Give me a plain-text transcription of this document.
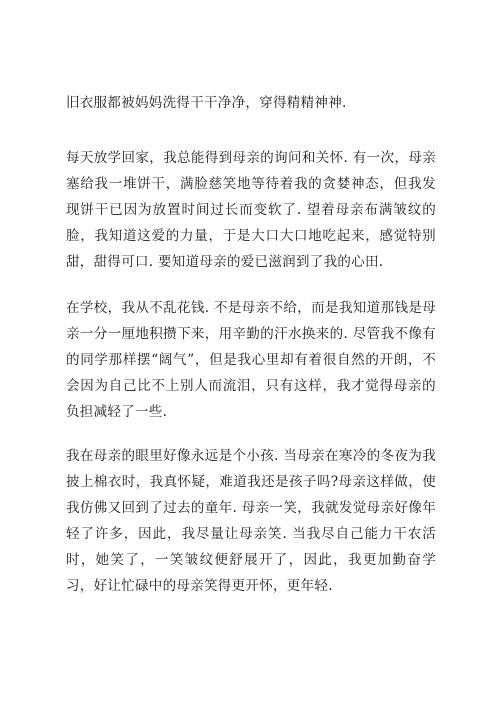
旧衣服都被妈妈洗得干干净净，穿得精精神神.

每天放学回家，我总能得到母亲的询问和关怀. 有一次，母亲塞给我一堆饼干，满脸慈笑地等待着我的贪婪神态，但我发现饼干已因为放置时间过长而变软了. 望着母亲布满皱纹的脸，我知道这爱的力量，于是大口大口地吃起来，感觉特别甜，甜得可口. 要知道母亲的爱已滋润到了我的心田.

在学校，我从不乱花钱. 不是母亲不给，而是我知道那钱是母亲一分一厘地积攒下来，用辛勤的汗水换来的. 尽管我不像有的同学那样摆“阔气”，但是我心里却有着很自然的开朗，不会因为自己比不上别人而流泪，只有这样，我才觉得母亲的负担减轻了一些.

我在母亲的眼里好像永远是个小孩. 当母亲在寒冷的冬夜为我披上棉衣时，我真怀疑，难道我还是孩子吗?母亲这样做，使我仿佛又回到了过去的童年. 母亲一笑，我就发觉母亲好像年轻了许多，因此，我尽量让母亲笑. 当我尽自己能力干农活时，她笑了，一笑皱纹便舒展开了，因此，我更加勤奋学习，好让忙碌中的母亲笑得更开怀，更年轻.
